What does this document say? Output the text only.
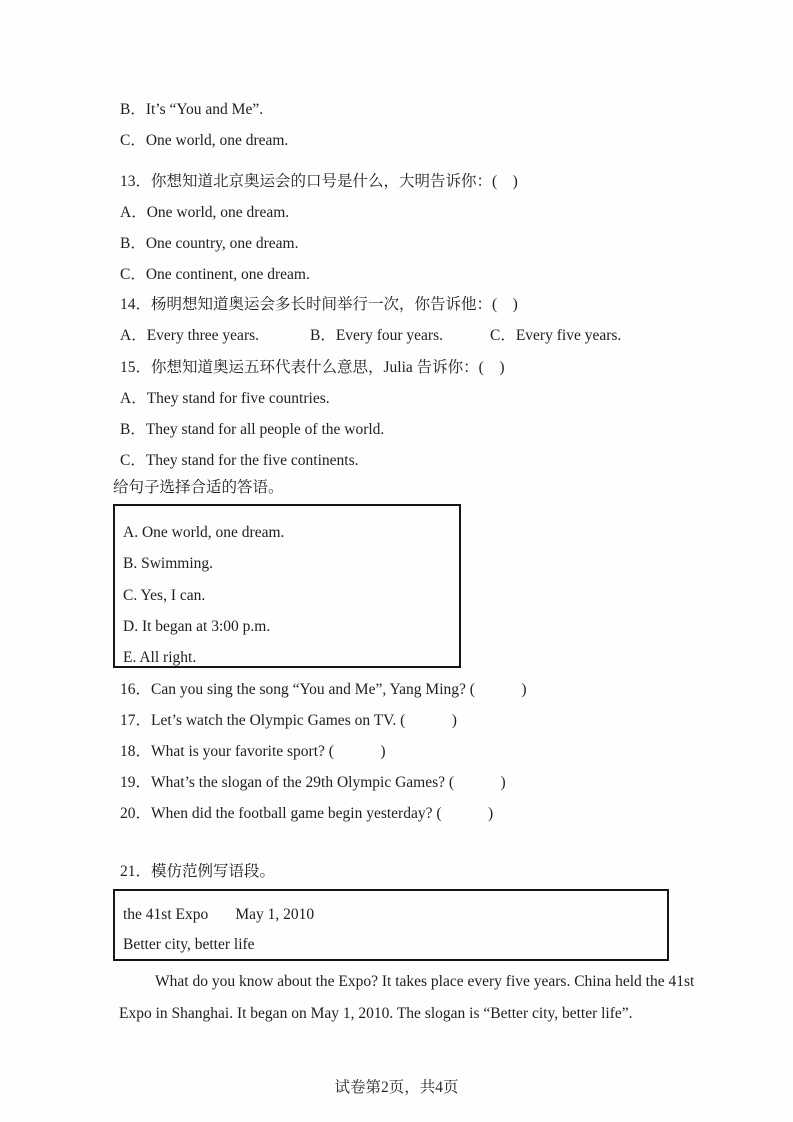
B．It’s “You and Me”.
C．One world, one dream.
13．你想知道北京奥运会的口号是什么，大明告诉你：(　)
A．One world, one dream.
B．One country, one dream.
C．One continent, one dream.
14．杨明想知道奥运会多长时间举行一次，你告诉他：(　)
A．Every three years.	B．Every four years.	C．Every five years.
15．你想知道奥运五环代表什么意思，Julia 告诉你：(　)
A．They stand for five countries.
B．They stand for all people of the world.
C．They stand for the five continents.
给句子选择合适的答语。
A. One world, one dream.
B. Swimming.
C. Yes, I can.
D. It began at 3:00 p.m.
E. All right.
16．Can you sing the song “You and Me”, Yang Ming? (            )
17．Let’s watch the Olympic Games on TV. (            )
18．What is your favorite sport? (            )
19．What’s the slogan of the 29th Olympic Games? (            )
20．When did the football game begin yesterday? (            )
21．模仿范例写语段。
the 41st Expo       May 1, 2010
Better city, better life
What do you know about the Expo? It takes place every five years. China held the 41st
Expo in Shanghai. It began on May 1, 2010. The slogan is “Better city, better life”.
试卷第2页，共4页
